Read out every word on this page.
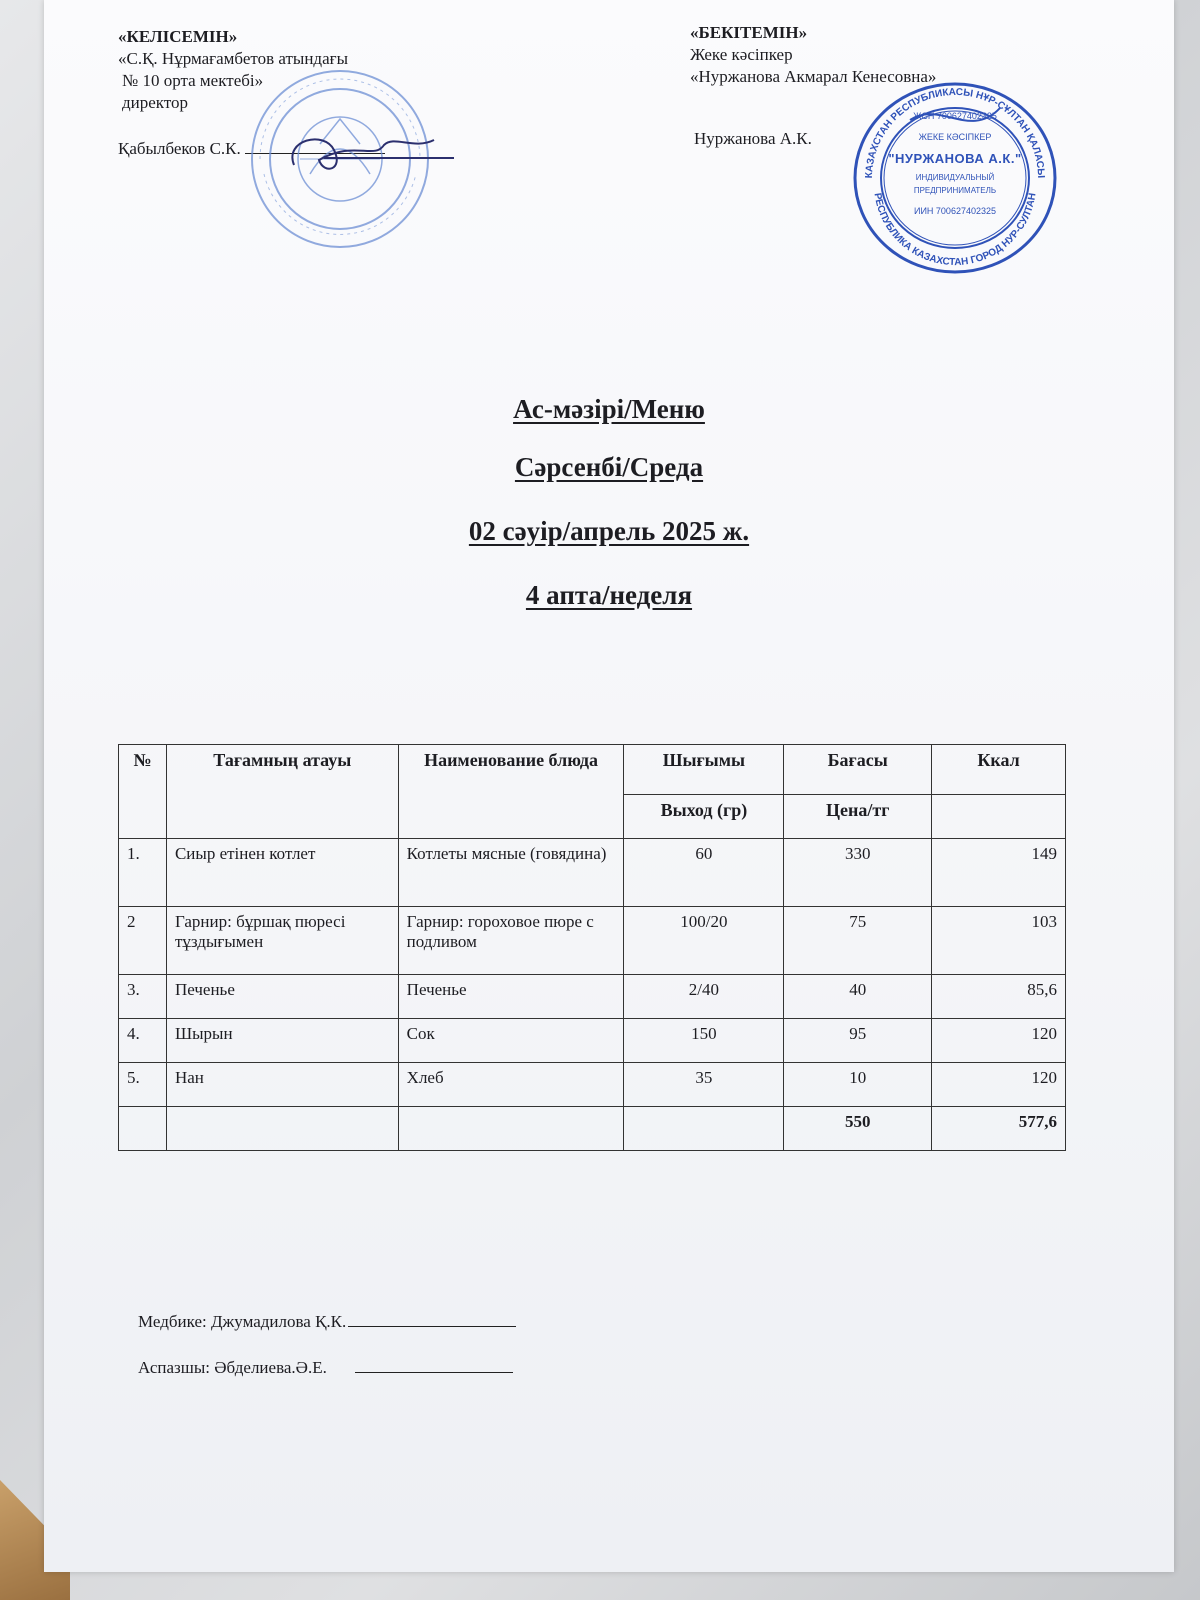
«КЕЛІСЕМІН»
«С.Қ. Нұрмағамбетов атындағы
№ 10 орта мектебі»
директор
Қабылбеков С.К.
«БЕКІТЕМІН»
Жеке кәсіпкер
«Нуржанова Акмарал Кенесовна»
Нуржанова А.К.
КАЗАХСТАН РЕСПУБЛИКАСЫ НҰР-СҰЛТАН ҚАЛАСЫ
РЕСПУБЛИКА КАЗАХСТАН ГОРОД НУР-СУЛТАН
ЖСН 700627402325
ЖЕКЕ КӘСІПКЕР
"НУРЖАНОВА А.К."
ИНДИВИДУАЛЬНЫЙ
ПРЕДПРИНИМАТЕЛЬ
ИИН 700627402325
Ас-мәзірі/Меню
Сәрсенбі/Среда
02 сәуір/апрель 2025 ж.
4 апта/неделя
№	Тағамның атауы	Наименование блюда	Шығымы	Бағасы	Ккал
			Выход (гр)	Цена/тг	
1.	Сиыр етінен котлет	Котлеты мясные (говядина)	60	330	149
2	Гарнир: бұршақ пюресі тұздығымен	Гарнир: гороховое пюре с подливом	100/20	75	103
3.	Печенье	Печенье	2/40	40	85,6
4.	Шырын	Сок	150	95	120
5.	Нан	Хлеб	35	10	120
				550	577,6
Медбике: Джумадилова Қ.К.
Аспазшы: Әбделиева.Ә.Е.
